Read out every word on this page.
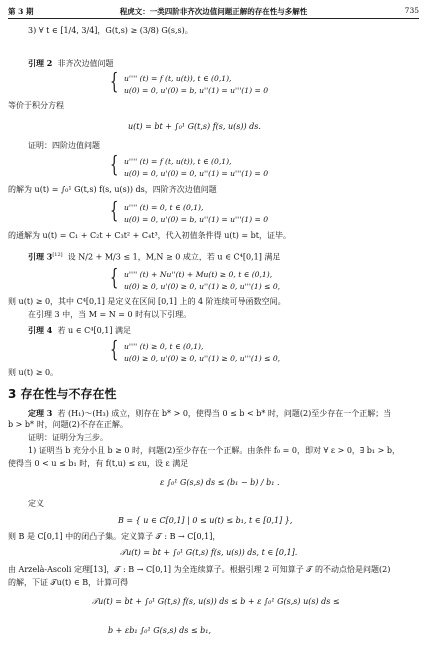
第 3 期	程虎文：一类四阶非齐次边值问题正解的存在性与多解性	735
3) ∀ t ∈ [1/4, 3/4]，G(t,s) ≥ (3/8) G(s,s)。
引理 2 非齐次边值问题
{ u'''' (t) = f (t, u(t)), t ∈ (0,1),
u(0) = 0, u'(0) = b, u''(1) = u'''(1) = 0
等价于积分方程
u(t) = bt + ∫₀¹ G(t,s) f(s, u(s)) ds.
证明：四阶边值问题
{ u'''' (t) = f (t, u(t)), t ∈ (0,1),
u(0) = 0, u'(0) = 0, u''(1) = u'''(1) = 0
的解为 u(t) = ∫₀¹ G(t,s) f(s, u(s)) ds，四阶齐次边值问题
{ u'''' (t) = 0, t ∈ (0,1),
u(0) = 0, u'(0) = b, u''(1) = u'''(1) = 0
的通解为 u(t) = C₁ + C₂t + C₃t² + C₄t³，代入初值条件得 u(t) = bt，证毕。
引理 3[12] 设 N/2 + M/3 ≤ 1，M,N ≥ 0 成立，若 u ∈ C⁴[0,1] 满足
{ u'''' (t) + Nu''(t) + Mu(t) ≥ 0, t ∈ (0,1),
u(0) ≥ 0, u'(0) ≥ 0, u''(1) ≥ 0, u'''(1) ≤ 0,
则 u(t) ≥ 0，其中 C⁴[0,1] 是定义在区间 [0,1] 上的 4 阶连续可导函数空间。
在引理 3 中，当 M = N = 0 时有以下引理。
引理 4 若 u ∈ C⁴[0,1] 满足
{ u'''' (t) ≥ 0, t ∈ (0,1),
u(0) ≥ 0, u'(0) ≥ 0, u''(1) ≥ 0, u'''(1) ≤ 0,
则 u(t) ≥ 0。
3 存在性与不存在性
定理 3 若 (H₁)～(H₃) 成立，则存在 b* > 0，使得当 0 ≤ b < b* 时，问题(2)至少存在一个正解；当
b > b* 时，问题(2)不存在正解。
证明：证明分为三步。
1) 证明当 b 充分小且 b ≥ 0 时，问题(2)至少存在一个正解。由条件 f₀ = 0，即对 ∀ ε > 0，∃ b₁ > b，
使得当 0 < u ≤ b₁ 时，有 f(t,u) ≤ εu，设 ε 满足
ε ∫₀¹ G(s,s) ds ≤ (b₁ − b) / b₁ .
定义
B = { u ∈ C[0,1] | 0 ≤ u(t) ≤ b₁, t ∈ [0,1] },
则 B 是 C[0,1] 中的闭凸子集。定义算子 𝒯 : B → C[0,1]，
𝒯u(t) = bt + ∫₀¹ G(t,s) f(s, u(s)) ds, t ∈ [0,1].
由 Arzelà-Ascoli 定理[13]，𝒯 : B → C[0,1] 为全连续算子。根据引理 2 可知算子 𝒯 的不动点恰是问题(2)
的解，下证 𝒯u(t) ∈ B，计算可得
𝒯u(t) = bt + ∫₀¹ G(t,s) f(s, u(s)) ds ≤ b + ε ∫₀¹ G(s,s) u(s) ds ≤
b + εb₁ ∫₀¹ G(s,s) ds ≤ b₁,
